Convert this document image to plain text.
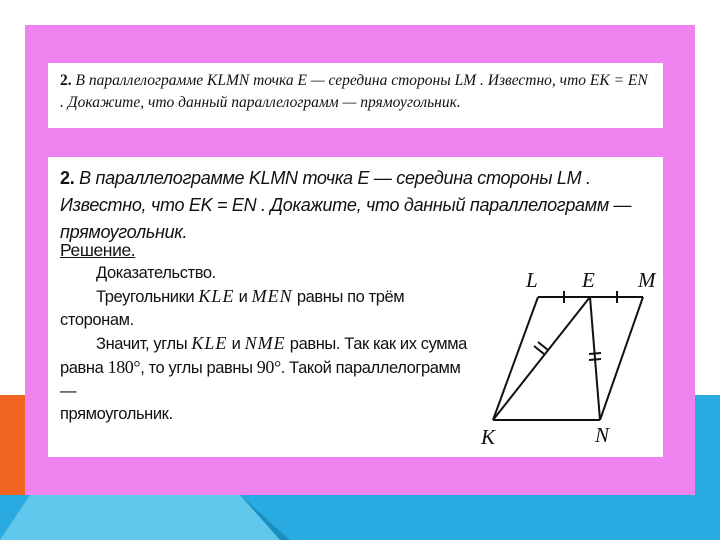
2. В параллелограмме KLMN точка E — середина стороны LM . Известно, что EK = EN . Докажите, что данный параллелограмм — прямоугольник.
2. В параллелограмме KLMN точка E — середина стороны LM . Известно, что EK = EN . Докажите, что данный параллелограмм — прямоугольник.
Решение.
Доказательство.
Треугольники KLE и MEN равны по трём
сторонам.
Значит, углы KLE и NME равны. Так как их сумма
равна 180°, то углы равны 90°. Такой параллелограмм —
прямоугольник.
L E M
K	N
